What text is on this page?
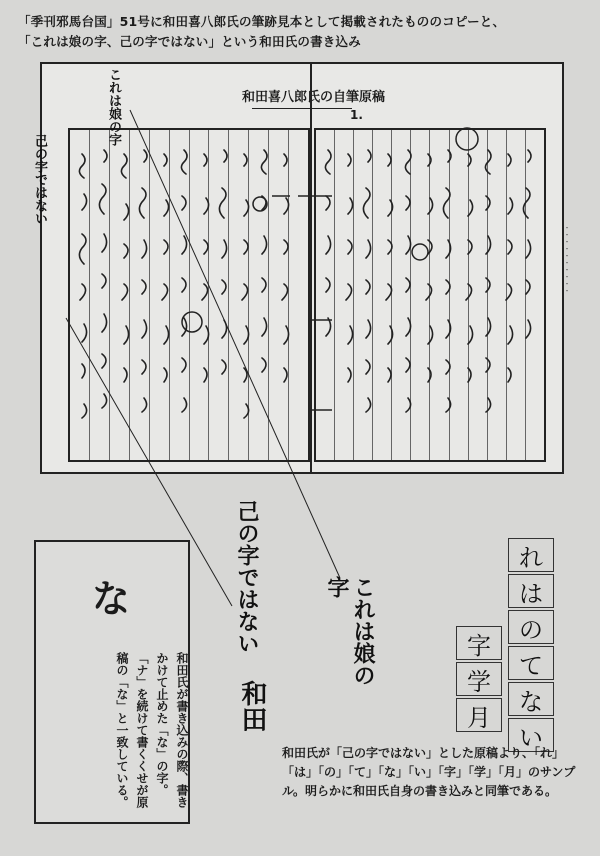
「季刊邪馬台国」51号に和田喜八郎氏の筆跡見本として掲載されたもののコピーと、
「これは娘の字、己の字ではない」という和田氏の書き込み
和田喜八郎氏の自筆原稿
1.
己の字ではない
これは娘の字
・・・・・・・・・・
これは娘の字
己の字ではない
和田
な
和田氏が書き込みの際、書きかけて止めた「な」の字。「ナ」を続けて書くくせが原稿の「な」と一致している。
れ
は
の
て
な
い
字
学
月
和田氏が「己の字ではない」とした原稿より、「れ」「は」「の」「て」「な」「い」「字」「学」「月」のサンプル。明らかに和田氏自身の書き込みと同筆である。
